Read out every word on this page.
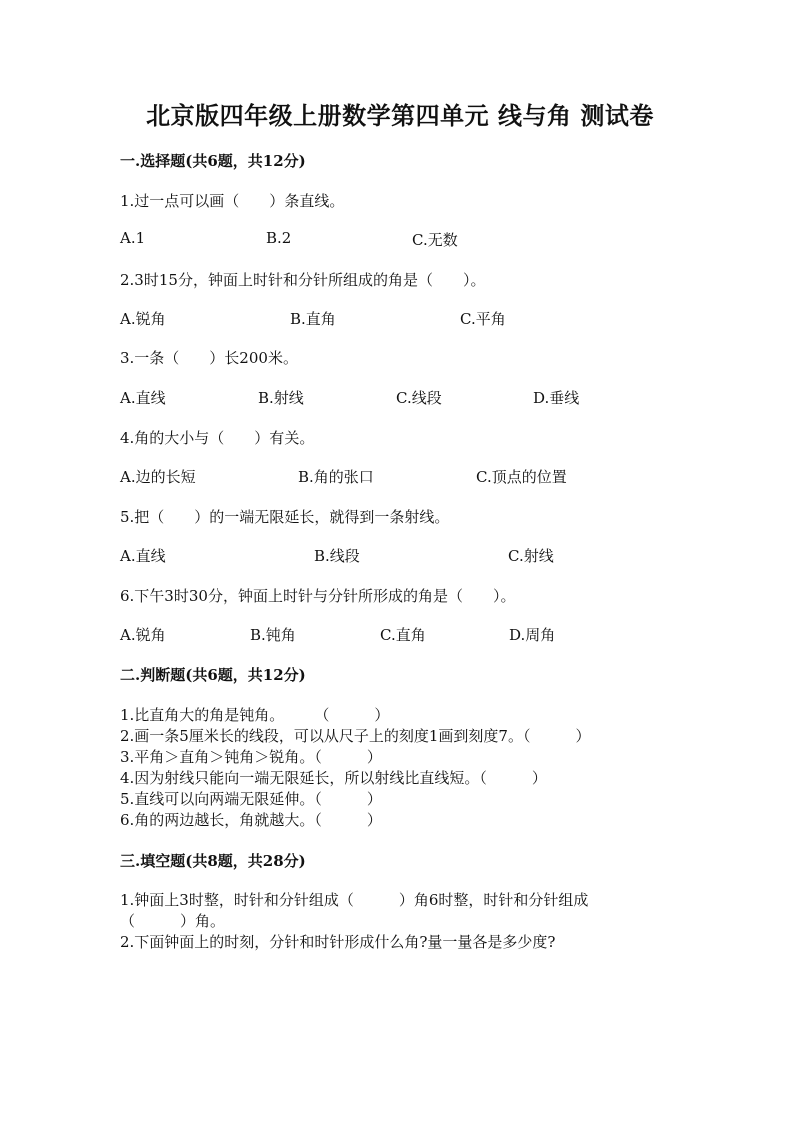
北京版四年级上册数学第四单元 线与角 测试卷
一.选择题(共6题，共12分)
1.过一点可以画（　　）条直线。
A.1	B.2	C.无数
2.3时15分，钟面上时针和分针所组成的角是（　　）。
A.锐角	B.直角	C.平角
3.一条（　　）长200米。
A.直线	B.射线	C.线段	D.垂线
4.角的大小与（　　）有关。
A.边的长短	B.角的张口	C.顶点的位置
5.把（　　）的一端无限延长，就得到一条射线。
A.直线	B.线段	C.射线
6.下午3时30分，钟面上时针与分针所形成的角是（　　）。
A.锐角	B.钝角	C.直角	D.周角
二.判断题(共6题，共12分)
1.比直角大的角是钝角。　　　（　　　）
2.画一条5厘米长的线段，可以从尺子上的刻度1画到刻度7。（　　　）
3.平角＞直角＞钝角＞锐角。（　　　）
4.因为射线只能向一端无限延长，所以射线比直线短。（　　　）
5.直线可以向两端无限延伸。（　　　）
6.角的两边越长，角就越大。（　　　）
三.填空题(共8题，共28分)
1.钟面上3时整，时针和分针组成（　　　）角6时整，时针和分针组成
（　　　）角。
2.下面钟面上的时刻，分针和时针形成什么角?量一量各是多少度?
